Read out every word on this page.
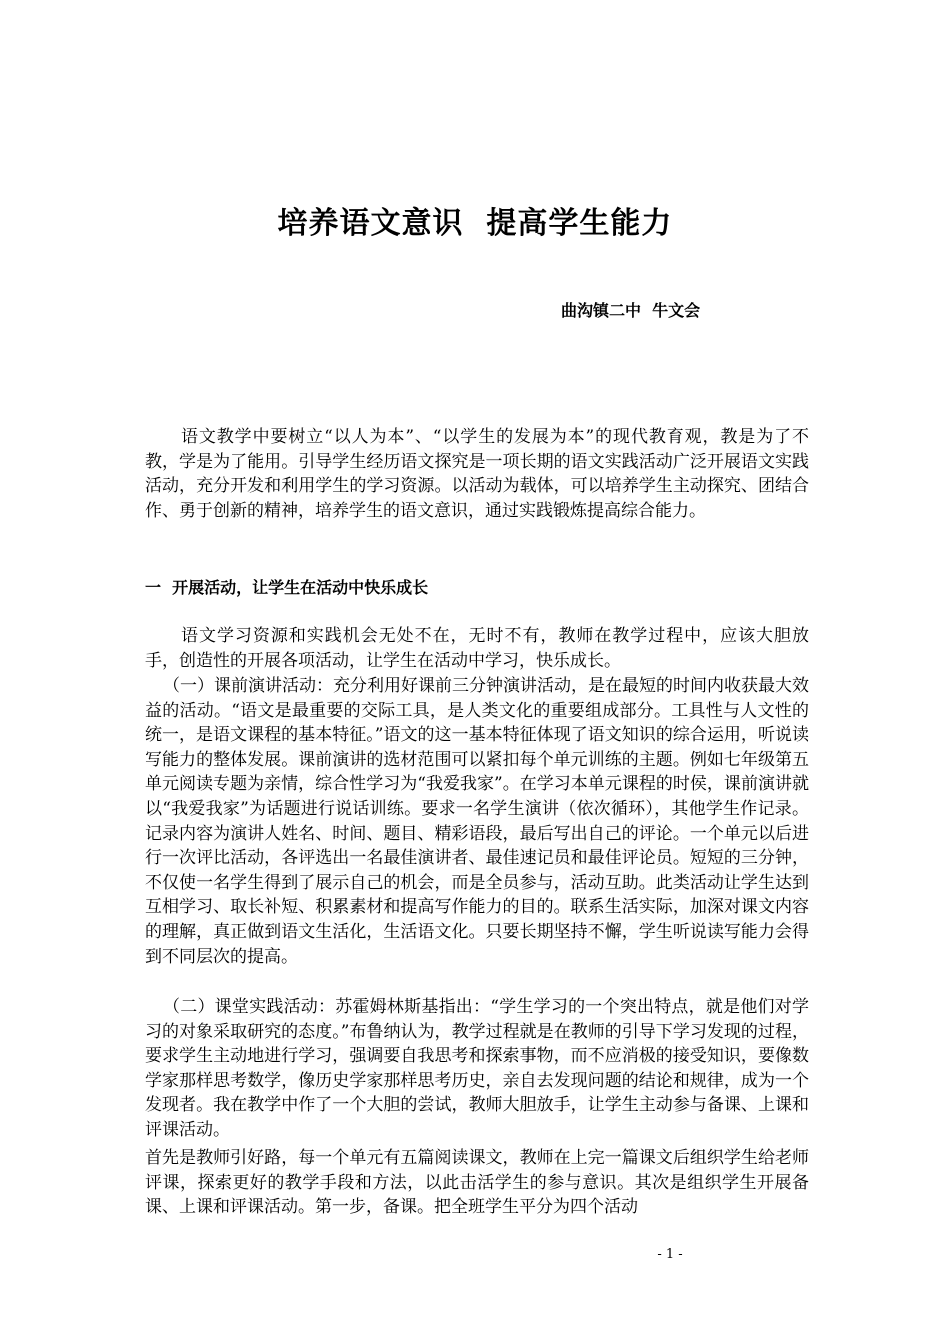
培养语文意识  提高学生能力
曲沟镇二中  牛文会

语文教学中要树立“以人为本”、“以学生的发展为本”的现代教育观，教是为了不教，学是为了能用。引导学生经历语文探究是一项长期的语文实践活动广泛开展语文实践活动，充分开发和利用学生的学习资源。以活动为载体，可以培养学生主动探究、团结合作、勇于创新的精神，培养学生的语文意识，通过实践锻炼提高综合能力。

一  开展活动，让学生在活动中快乐成长

语文学习资源和实践机会无处不在，无时不有，教师在教学过程中，应该大胆放手，创造性的开展各项活动，让学生在活动中学习，快乐成长。

（一）课前演讲活动：充分利用好课前三分钟演讲活动，是在最短的时间内收获最大效益的活动。“语文是最重要的交际工具，是人类文化的重要组成部分。工具性与人文性的统一，是语文课程的基本特征。”语文的这一基本特征体现了语文知识的综合运用，听说读写能力的整体发展。课前演讲的选材范围可以紧扣每个单元训练的主题。例如七年级第五单元阅读专题为亲情，综合性学习为“我爱我家”。在学习本单元课程的时侯，课前演讲就以“我爱我家”为话题进行说话训练。要求一名学生演讲（依次循环），其他学生作记录。记录内容为演讲人姓名、时间、题目、精彩语段，最后写出自己的评论。一个单元以后进行一次评比活动，各评选出一名最佳演讲者、最佳速记员和最佳评论员。短短的三分钟，不仅使一名学生得到了展示自己的机会，而是全员参与，活动互助。此类活动让学生达到互相学习、取长补短、积累素材和提高写作能力的目的。联系生活实际，加深对课文内容的理解，真正做到语文生活化，生活语文化。只要长期坚持不懈，学生听说读写能力会得到不同层次的提高。

（二）课堂实践活动：苏霍姆林斯基指出：“学生学习的一个突出特点，就是他们对学习的对象采取研究的态度。”布鲁纳认为，教学过程就是在教师的引导下学习发现的过程，要求学生主动地进行学习，强调要自我思考和探索事物，而不应消极的接受知识，要像数学家那样思考数学，像历史学家那样思考历史，亲自去发现问题的结论和规律，成为一个发现者。我在教学中作了一个大胆的尝试，教师大胆放手，让学生主动参与备课、上课和评课活动。

首先是教师引好路，每一个单元有五篇阅读课文，教师在上完一篇课文后组织学生给老师评课，探索更好的教学手段和方法，以此击活学生的参与意识。其次是组织学生开展备课、上课和评课活动。第一步，备课。把全班学生平分为四个活动

- 1 -
